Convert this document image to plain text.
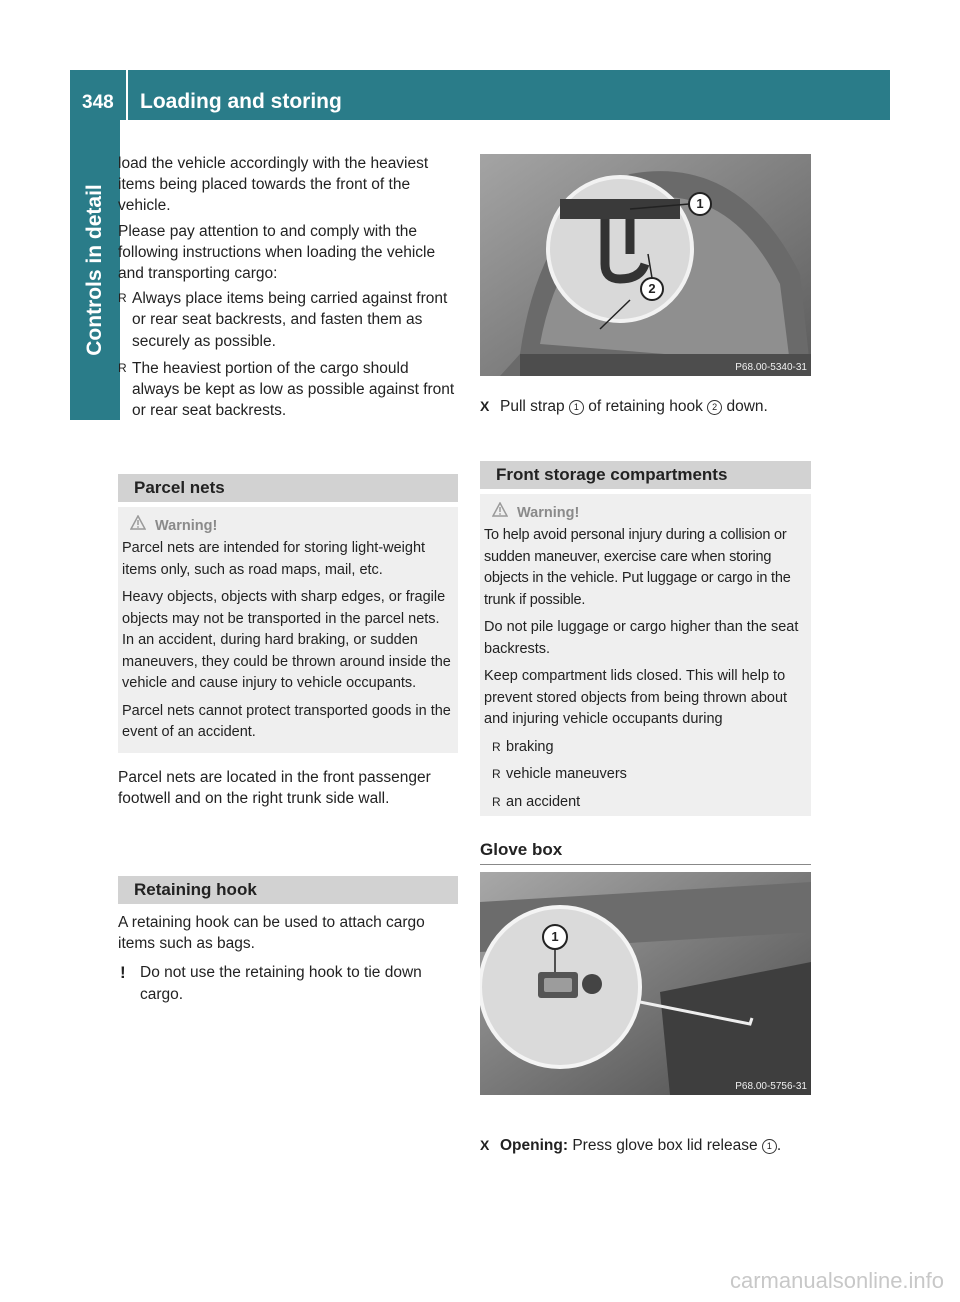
348	Loading and storing
Controls in detail

load the vehicle accordingly with the heaviest items being placed towards the front of the vehicle.

Please pay attention to and comply with the following instructions when loading the vehicle and transporting cargo:

R Always place items being carried against front or rear seat backrests, and fasten them as securely as possible.

R The heaviest portion of the cargo should always be kept as low as possible against front or rear seat backrests.

Parcel nets
Warning!

Parcel nets are intended for storing light-weight items only, such as road maps, mail, etc.

Heavy objects, objects with sharp edges, or fragile objects may not be transported in the parcel nets. In an accident, during hard braking, or sudden maneuvers, they could be thrown around inside the vehicle and cause injury to vehicle occupants.

Parcel nets cannot protect transported goods in the event of an accident.

Parcel nets are located in the front passenger footwell and on the right trunk side wall.

Retaining hook

A retaining hook can be used to attach cargo items such as bags.

! Do not use the retaining hook to tie down cargo.

1
2
P68.00-5340-31
X Pull strap 1 of retaining hook 2 down.
Front storage compartments
Warning!

To help avoid personal injury during a collision or sudden maneuver, exercise care when storing objects in the vehicle. Put luggage or cargo in the trunk if possible.

Do not pile luggage or cargo higher than the seat backrests.

Keep compartment lids closed. This will help to prevent stored objects from being thrown about and injuring vehicle occupants during

R braking

R vehicle maneuvers

R an accident

Glove box
1
P68.00-5756-31
X Opening: Press glove box lid release 1 .
carmanualsonline.info
